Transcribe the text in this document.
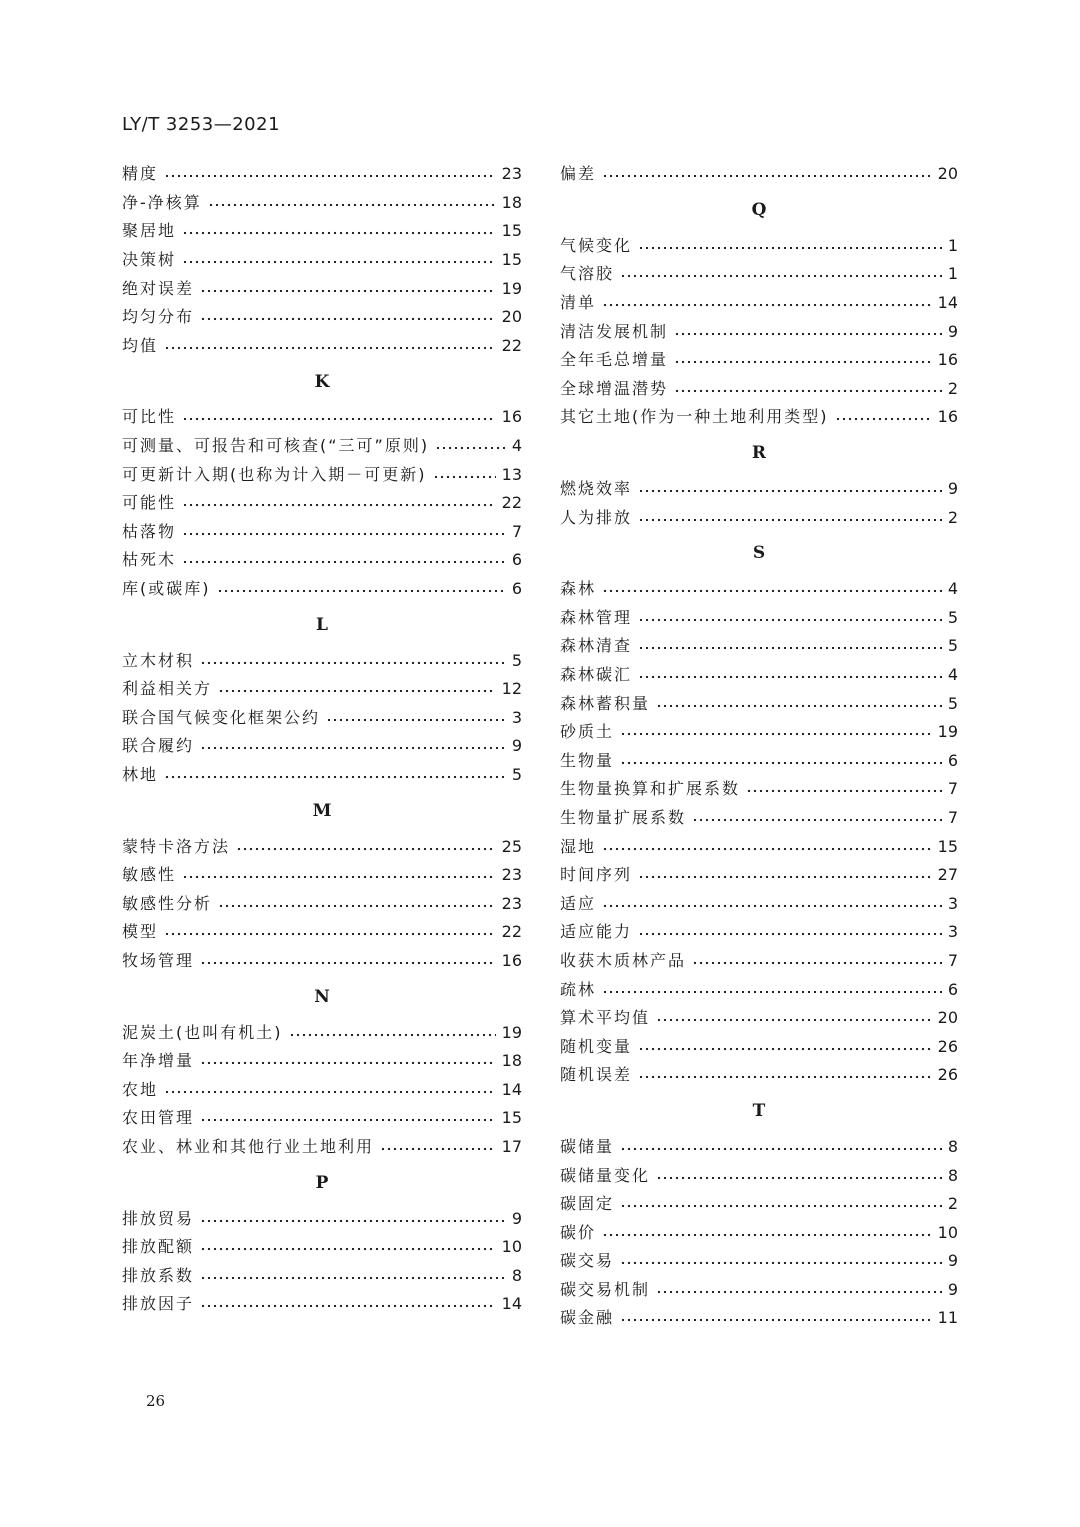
LY/T 3253—2021
精度	23
净-净核算	18
聚居地	15
决策树	15
绝对误差	19
均匀分布	20
均值	22
K
可比性	16
可测量、可报告和可核查(“三可”原则)	4
可更新计入期(也称为计入期－可更新)	13
可能性	22
枯落物	7
枯死木	6
库(或碳库)	6
L
立木材积	5
利益相关方	12
联合国气候变化框架公约	3
联合履约	9
林地	5
M
蒙特卡洛方法	25
敏感性	23
敏感性分析	23
模型	22
牧场管理	16
N
泥炭土(也叫有机土)	19
年净增量	18
农地	14
农田管理	15
农业、林业和其他行业土地利用	17
P
排放贸易	9
排放配额	10
排放系数	8
排放因子	14
偏差	20
Q
气候变化	1
气溶胶	1
清单	14
清洁发展机制	9
全年毛总增量	16
全球增温潜势	2
其它土地(作为一种土地利用类型)	16
R
燃烧效率	9
人为排放	2
S
森林	4
森林管理	5
森林清查	5
森林碳汇	4
森林蓄积量	5
砂质土	19
生物量	6
生物量换算和扩展系数	7
生物量扩展系数	7
湿地	15
时间序列	27
适应	3
适应能力	3
收获木质林产品	7
疏林	6
算术平均值	20
随机变量	26
随机误差	26
T
碳储量	8
碳储量变化	8
碳固定	2
碳价	10
碳交易	9
碳交易机制	9
碳金融	11
26
